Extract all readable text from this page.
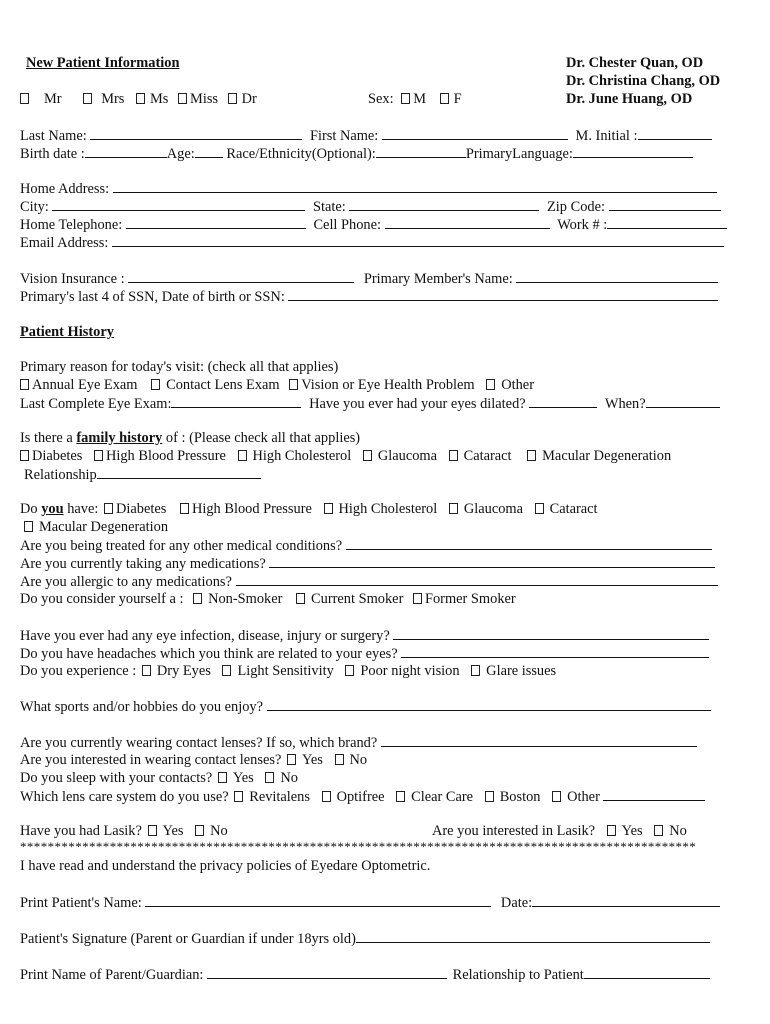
New Patient Information	Dr. Chester Quan, OD
Dr. Christina Chang, OD
Dr. June Huang, OD
Mr	Mrs Ms Miss Dr	Sex: M F
Last Name:	First Name:	M. Initial :
Birth date :	Age: Race/Ethnicity(Optional):	PrimaryLanguage:
Home Address:
City:	State:	Zip Code:
Home Telephone:	Cell Phone:	Work # :
Email Address:
Vision Insurance :	Primary Member's Name:
Primary's last 4 of SSN, Date of birth or SSN:
Patient History
Primary reason for today's visit: (check all that applies)
Annual Eye Exam Contact Lens Exam Vision or Eye Health Problem Other
Last Complete Eye Exam:	Have you ever had your eyes dilated?	When?
Is there a family history of : (Please check all that applies)
Diabetes High Blood Pressure High Cholesterol Glaucoma Cataract Macular Degeneration
Relationship
Do you have: Diabetes High Blood Pressure High Cholesterol Glaucoma Cataract
Macular Degeneration
Are you being treated for any other medical conditions?
Are you currently taking any medications?
Are you allergic to any medications?
Do you consider yourself a : Non-Smoker Current Smoker Former Smoker
Have you ever had any eye infection, disease, injury or surgery?
Do you have headaches which you think are related to your eyes?
Do you experience : Dry Eyes Light Sensitivity Poor night vision Glare issues
What sports and/or hobbies do you enjoy?
Are you currently wearing contact lenses? If so, which brand?
Are you interested in wearing contact lenses? Yes No
Do you sleep with your contacts? Yes No
Which lens care system do you use? Revitalens Optifree Clear Care Boston Other
Have you had Lasik? Yes No	Are you interested in Lasik? Yes No
**************************************************************************************************
I have read and understand the privacy policies of Eyedare Optometric.
Print Patient's Name:	Date:
Patient's Signature (Parent or Guardian if under 18yrs old)
Print Name of Parent/Guardian:	Relationship to Patient
